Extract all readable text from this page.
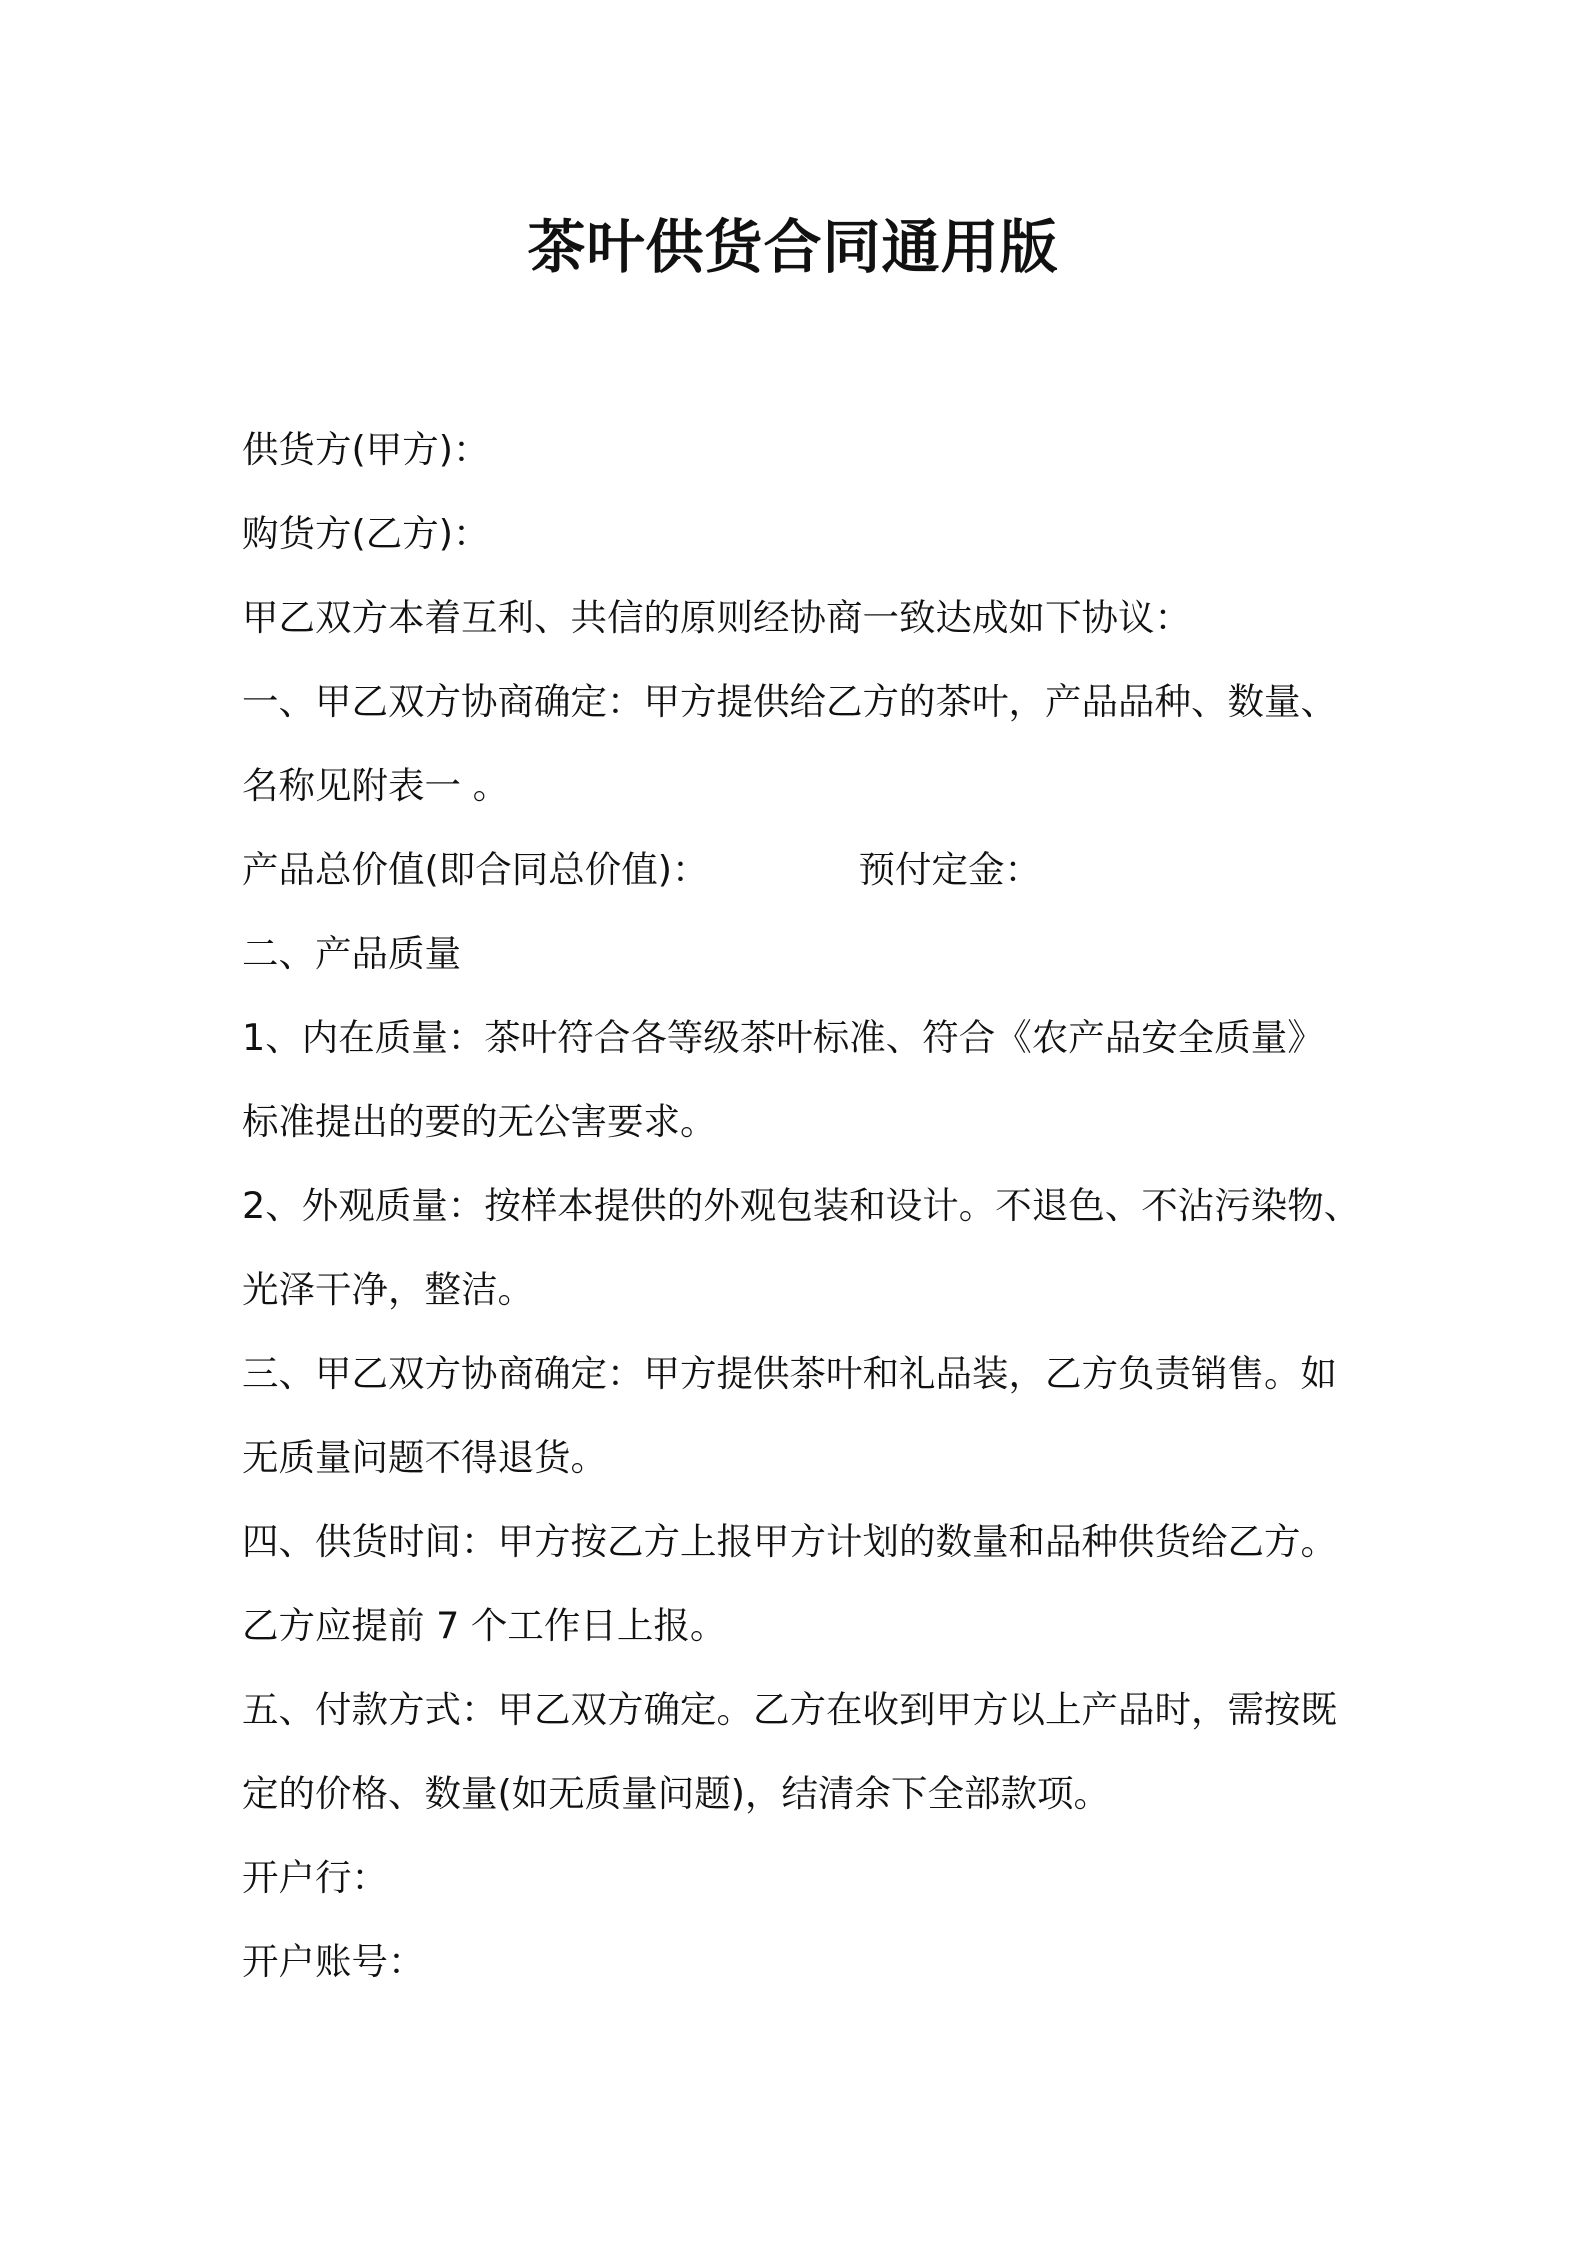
茶叶供货合同通用版
供货方(甲方)：
购货方(乙方)：
甲乙双方本着互利、共信的原则经协商一致达成如下协议：
一、甲乙双方协商确定：甲方提供给乙方的茶叶，产品品种、数量、
名称见附表一 。
产品总价值(即合同总价值)：	预付定金：
二、产品质量
1、内在质量：茶叶符合各等级茶叶标准、符合《农产品安全质量》
标准提出的要的无公害要求。
2、外观质量：按样本提供的外观包装和设计。不退色、不沾污染物、
光泽干净，整洁。
三、甲乙双方协商确定：甲方提供茶叶和礼品装，乙方负责销售。如
无质量问题不得退货。
四、供货时间：甲方按乙方上报甲方计划的数量和品种供货给乙方。
乙方应提前 7 个工作日上报。
五、付款方式：甲乙双方确定。乙方在收到甲方以上产品时，需按既
定的价格、数量(如无质量问题)，结清余下全部款项。
开户行：
开户账号：
